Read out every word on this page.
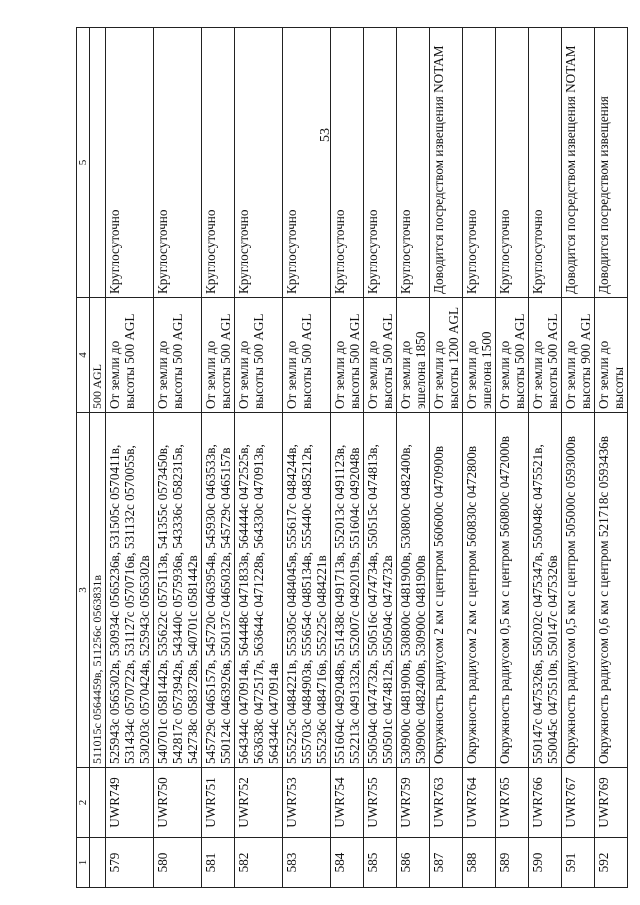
53
1	2	3	4	5
		511015с 0564459в, 511256с 0563831в	500 AGL	
579	UWR749	525943с 0565302в, 530934с 0565236в, 531505с 0570411в, 531434с 0570722в, 531127с 0570716в, 531132с 0570055в, 530203с 0570424в, 525943с 0565302в	От земли до высоты 500 AGL	Круглосуточно
580	UWR750	540701с 0581442в, 535622с 0575113в, 541355с 0573450в, 542817с 0573942в, 543440с 0575936в, 543336с 0582315в, 542738с 0583728в, 540701с 0581442в	От земли до высоты 500 AGL	Круглосуточно
581	UWR751	545729с 0465157в, 545720с 0463954в, 545930с 0463533в, 550124с 0463926в, 550137с 0465032в, 545729с 0465157в	От земли до высоты 500 AGL	Круглосуточно
582	UWR752	564344с 0470914в, 564448с 0471833в, 564444с 0472525в, 563638с 0472517в, 563644с 0471228в, 564330с 0470913в, 564344с 0470914в	От земли до высоты 500 AGL	Круглосуточно
583	UWR753	555225с 0484221в, 555305с 0484045в, 555617с 0484244в, 555703с 0484903в, 555654с 0485134в, 555440с 0485212в, 555236с 0484716в, 555225с 0484221в	От земли до высоты 500 AGL	Круглосуточно
584	UWR754	551604с 0492048в, 551438с 0491713в, 552013с 0491123в, 552213с 0491332в, 552007с 0492019в, 551604с 0492048в	От земли до высоты 500 AGL	Круглосуточно
585	UWR755	550504с 0474732в, 550516с 0474734в, 550515с 0474813в, 550501с 0474812в, 550504с 0474732в	От земли до высоты 500 AGL	Круглосуточно
586	UWR759	530900с 0481900в, 530800с 0481900в, 530800с 0482400в, 530900с 0482400в, 530900с 0481900в	От земли до эшелона 1850	Круглосуточно
587	UWR763	Окружность радиусом 2 км с центром 560600с 0470900в	От земли до высоты 1200 AGL	Доводится посредством извещения NOTAM
588	UWR764	Окружность радиусом 2 км с центром 560830с 0472800в	От земли до эшелона 1500	Круглосуточно
589	UWR765	Окружность радиусом 0,5 км с центром 560800с 0472000в	От земли до высоты 500 AGL	Круглосуточно
590	UWR766	550147с 0475326в, 550202с 0475347в, 550048с 0475521в, 550045с 0475510в, 550147с 0475326в	От земли до высоты 500 AGL	Круглосуточно
591	UWR767	Окружность радиусом 0,5 км с центром 505000с 0593000в	От земли до высоты 900 AGL	Доводится посредством извещения NOTAM
592	UWR769	Окружность радиусом 0,6 км с центром 521718с 0593436в	От земли до высоты	Доводится посредством извещения
